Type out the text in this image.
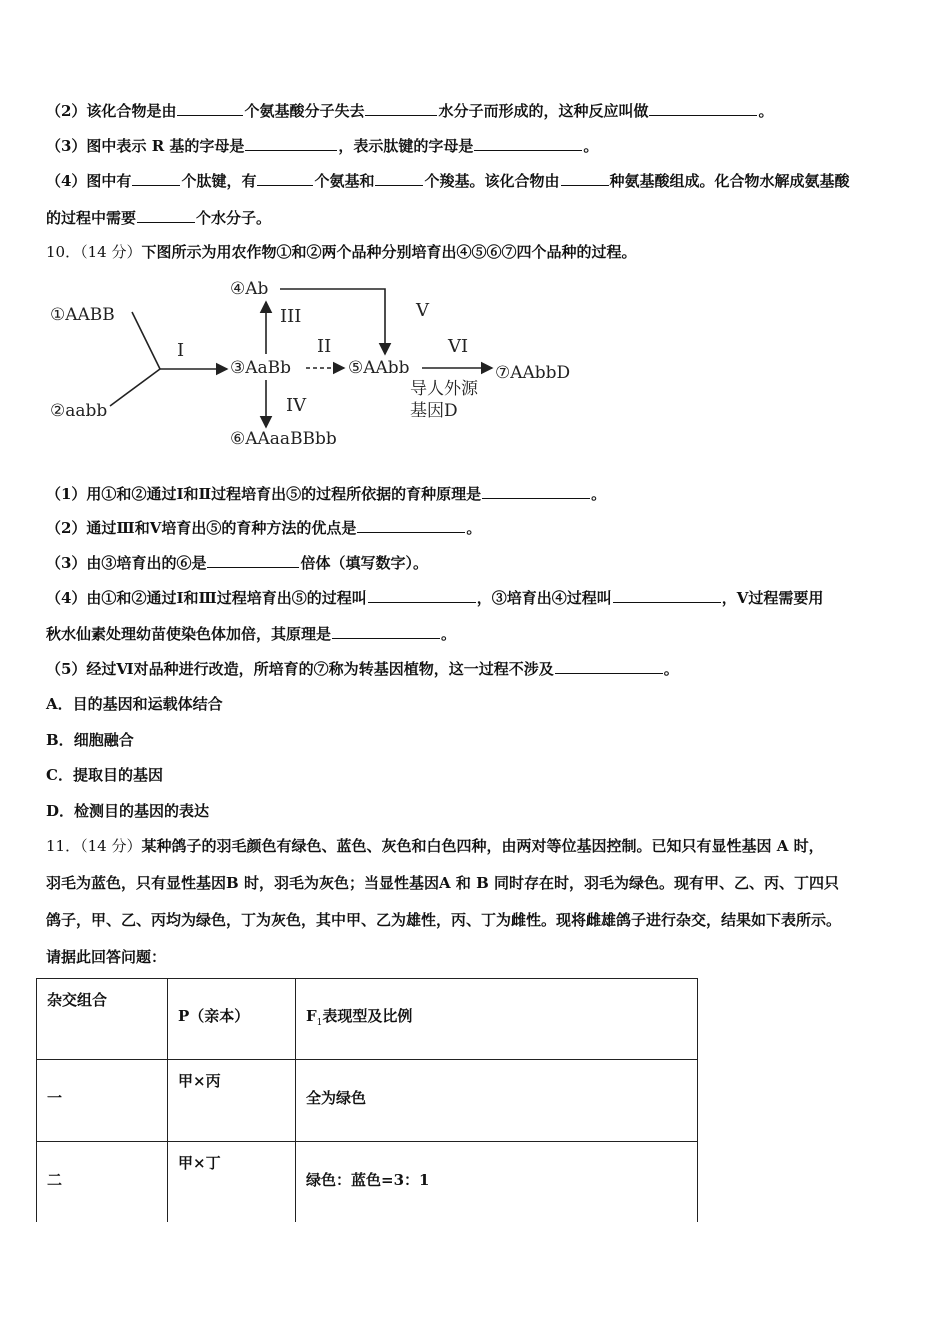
（2）该化合物是由	个氨基酸分子失去	水分子而形成的，这种反应叫做	。
（3）图中表示 R 基的字母是	，表示肽键的字母是	。
（4）图中有	个肽键，有	个氨基和	个羧基。该化合物由	种氨基酸组成。化合物水解成氨基酸
的过程中需要	个水分子。
10．（14 分）下图所示为用农作物①和②两个品种分别培育出④⑤⑥⑦四个品种的过程。
①AABB
②aabb
③AaBb
④Ab
⑤AAbb
⑥AAaaBBbb
⑦AAbbD
I	II
III
IV
V
VI
导人外源
基因D
（1）用①和②通过Ⅰ和Ⅱ过程培育出⑤的过程所依据的育种原理是	。
（2）通过Ⅲ和Ⅴ培育出⑤的育种方法的优点是	。
（3）由③培育出的⑥是	倍体（填写数字）。
（4）由①和②通过Ⅰ和Ⅲ过程培育出⑤的过程叫	，③培育出④过程叫	，Ⅴ过程需要用
秋水仙素处理幼苗使染色体加倍，其原理是	。
（5）经过Ⅵ对品种进行改造，所培育的⑦称为转基因植物，这一过程不涉及	。
A．目的基因和运载体结合
B．细胞融合
C．提取目的基因
D．检测目的基因的表达
11．（14 分）某种鸽子的羽毛颜色有绿色、蓝色、灰色和白色四种，由两对等位基因控制。已知只有显性基因 A 时，
羽毛为蓝色，只有显性基因B 时，羽毛为灰色；当显性基因A 和 B 同时存在时，羽毛为绿色。现有甲、乙、丙、丁四只
鸽子，甲、乙、丙均为绿色，丁为灰色，其中甲、乙为雄性，丙、丁为雌性。现将雌雄鸽子进行杂交，结果如下表所示。
请据此回答问题：
杂交组合	P（亲本）	$F_1$表现型及比例
一	甲×丙	全为绿色
二	甲×丁	绿色：蓝色=3：1
